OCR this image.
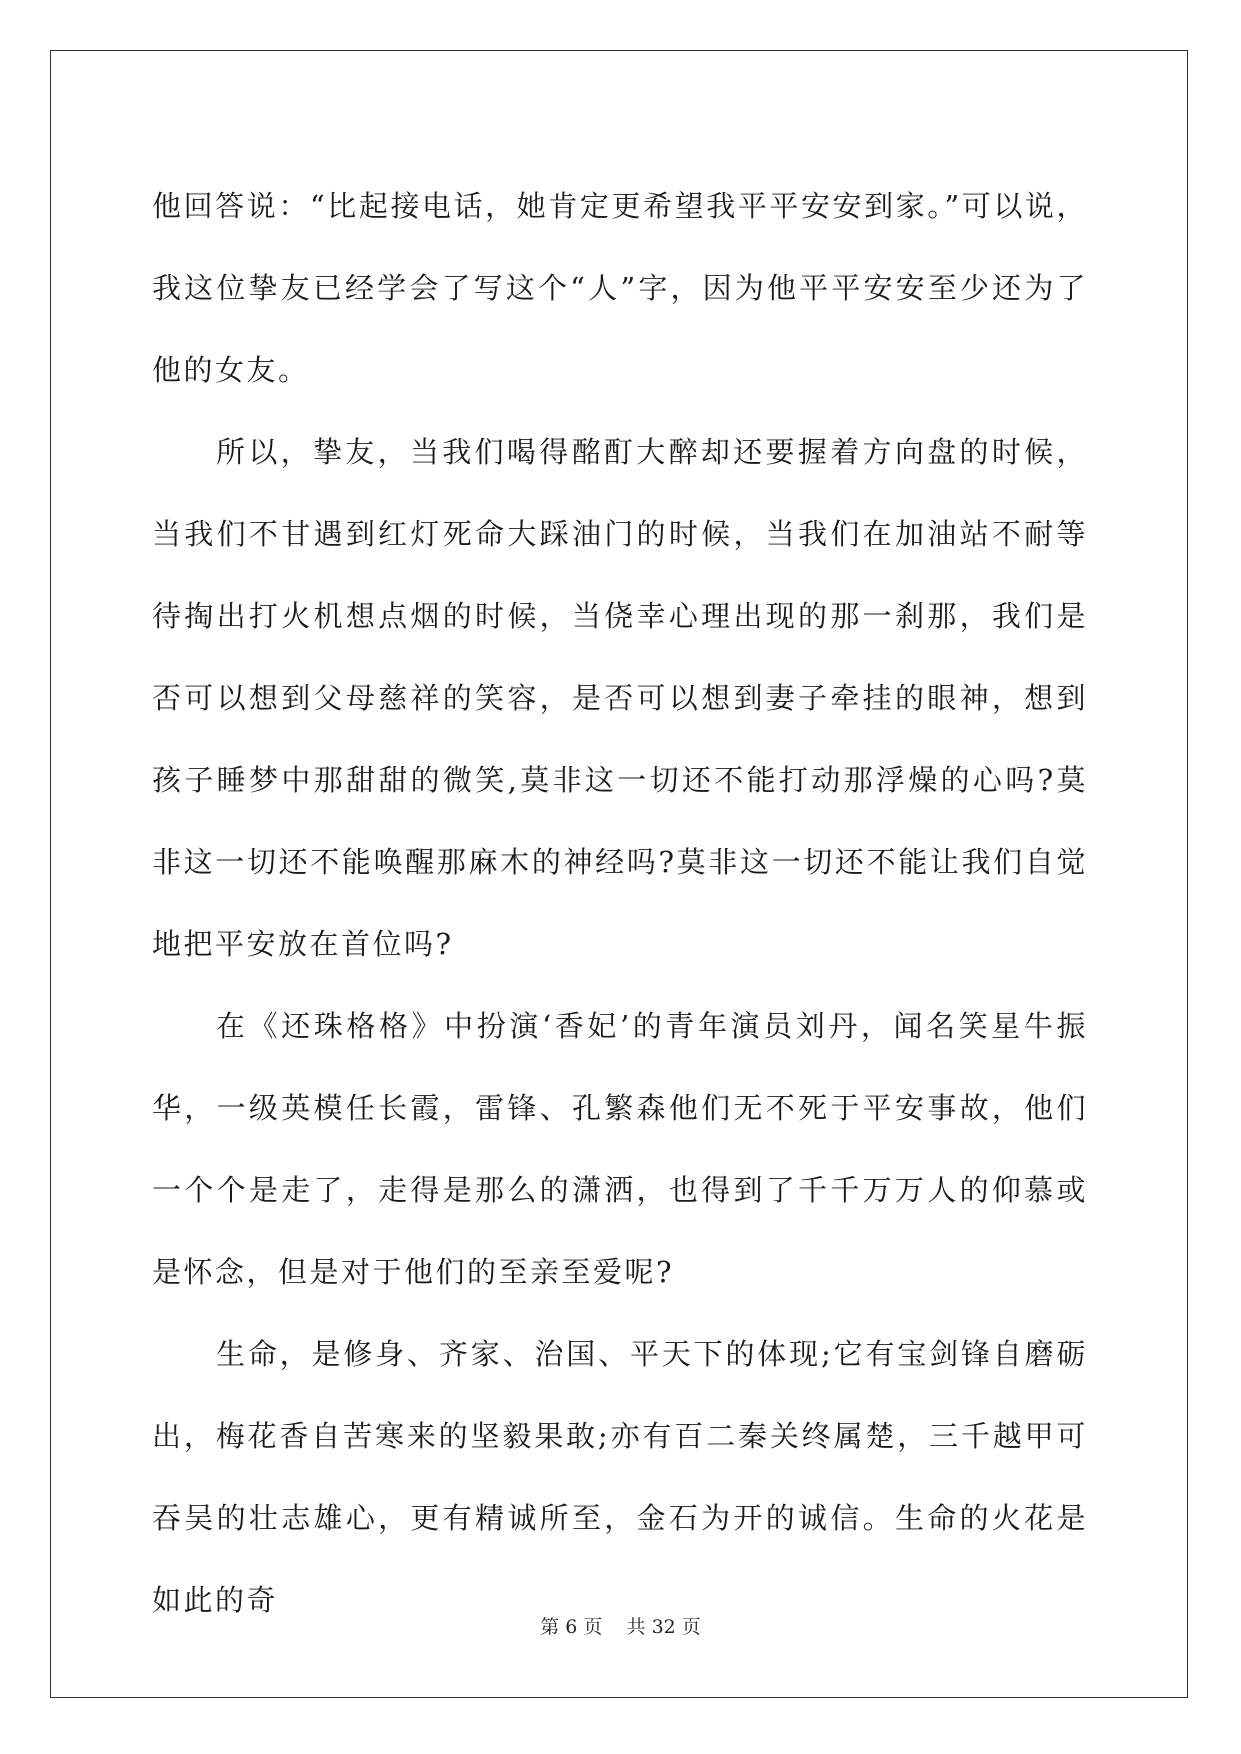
他回答说：“比起接电话，她肯定更希望我平平安安到家。”可以说，我这位挚友已经学会了写这个“人”字，因为他平平安安至少还为了他的女友。

所以，挚友，当我们喝得酩酊大醉却还要握着方向盘的时候，当我们不甘遇到红灯死命大踩油门的时候，当我们在加油站不耐等待掏出打火机想点烟的时候，当侥幸心理出现的那一刹那，我们是否可以想到父母慈祥的笑容，是否可以想到妻子牵挂的眼神，想到孩子睡梦中那甜甜的微笑,莫非这一切还不能打动那浮燥的心吗?莫非这一切还不能唤醒那麻木的神经吗?莫非这一切还不能让我们自觉地把平安放在首位吗?

在《还珠格格》中扮演‘香妃’的青年演员刘丹，闻名笑星牛振华，一级英模任长霞，雷锋、孔繁森他们无不死于平安事故，他们一个个是走了，走得是那么的潇洒，也得到了千千万万人的仰慕或是怀念，但是对于他们的至亲至爱呢?

生命，是修身、齐家、治国、平天下的体现;它有宝剑锋自磨砺出，梅花香自苦寒来的坚毅果敢;亦有百二秦关终属楚，三千越甲可吞吴的壮志雄心，更有精诚所至，金石为开的诚信。生命的火花是如此的奇

第 6 页    共 32 页
